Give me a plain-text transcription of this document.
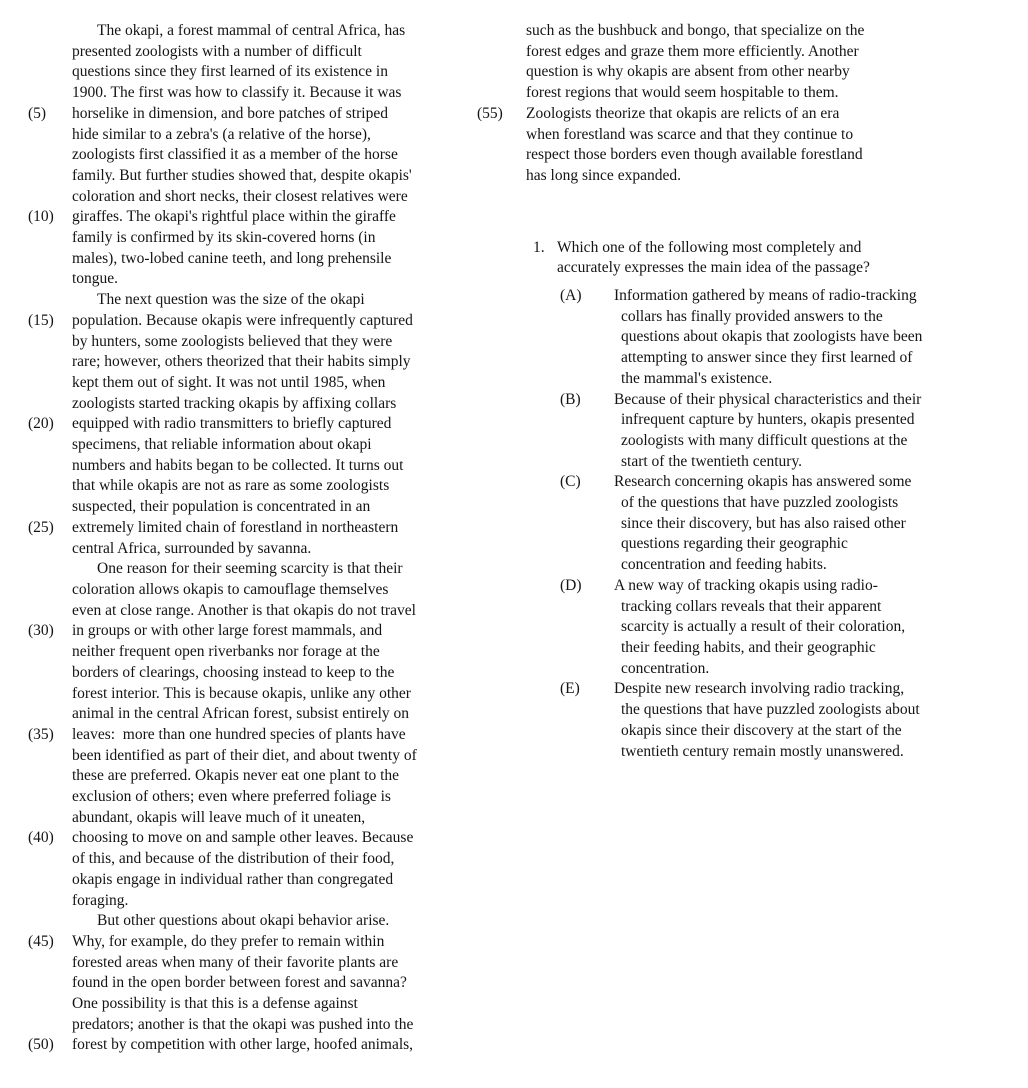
The okapi, a forest mammal of central Africa, has
presented zoologists with a number of difficult
questions since they first learned of its existence in
1900. The first was how to classify it. Because it was
(5)	horselike in dimension, and bore patches of striped
hide similar to a zebra's (a relative of the horse),
zoologists first classified it as a member of the horse
family. But further studies showed that, despite okapis'
coloration and short necks, their closest relatives were
(10)	giraffes. The okapi's rightful place within the giraffe
family is confirmed by its skin-covered horns (in
males), two-lobed canine teeth, and long prehensile
tongue.
The next question was the size of the okapi
(15)	population. Because okapis were infrequently captured
by hunters, some zoologists believed that they were
rare; however, others theorized that their habits simply
kept them out of sight. It was not until 1985, when
zoologists started tracking okapis by affixing collars
(20)	equipped with radio transmitters to briefly captured
specimens, that reliable information about okapi
numbers and habits began to be collected. It turns out
that while okapis are not as rare as some zoologists
suspected, their population is concentrated in an
(25)	extremely limited chain of forestland in northeastern
central Africa, surrounded by savanna.
One reason for their seeming scarcity is that their
coloration allows okapis to camouflage themselves
even at close range. Another is that okapis do not travel
(30)	in groups or with other large forest mammals, and
neither frequent open riverbanks nor forage at the
borders of clearings, choosing instead to keep to the
forest interior. This is because okapis, unlike any other
animal in the central African forest, subsist entirely on
(35)	leaves:  more than one hundred species of plants have
been identified as part of their diet, and about twenty of
these are preferred. Okapis never eat one plant to the
exclusion of others; even where preferred foliage is
abundant, okapis will leave much of it uneaten,
(40)	choosing to move on and sample other leaves. Because
of this, and because of the distribution of their food,
okapis engage in individual rather than congregated
foraging.
But other questions about okapi behavior arise.
(45)	Why, for example, do they prefer to remain within
forested areas when many of their favorite plants are
found in the open border between forest and savanna?
One possibility is that this is a defense against
predators; another is that the okapi was pushed into the
(50)	forest by competition with other large, hoofed animals,
such as the bushbuck and bongo, that specialize on the
forest edges and graze them more efficiently. Another
question is why okapis are absent from other nearby
forest regions that would seem hospitable to them.
(55)	Zoologists theorize that okapis are relicts of an era
when forestland was scarce and that they continue to
respect those borders even though available forestland
has long since expanded.
1. Which one of the following most completely and
accurately expresses the main idea of the passage?
(A)	Information gathered by means of radio-tracking
collars has finally provided answers to the
questions about okapis that zoologists have been
attempting to answer since they first learned of
the mammal's existence.
(B)	Because of their physical characteristics and their
infrequent capture by hunters, okapis presented
zoologists with many difficult questions at the
start of the twentieth century.
(C)	Research concerning okapis has answered some
of the questions that have puzzled zoologists
since their discovery, but has also raised other
questions regarding their geographic
concentration and feeding habits.
(D)	A new way of tracking okapis using radio-
tracking collars reveals that their apparent
scarcity is actually a result of their coloration,
their feeding habits, and their geographic
concentration.
(E)	Despite new research involving radio tracking,
the questions that have puzzled zoologists about
okapis since their discovery at the start of the
twentieth century remain mostly unanswered.
